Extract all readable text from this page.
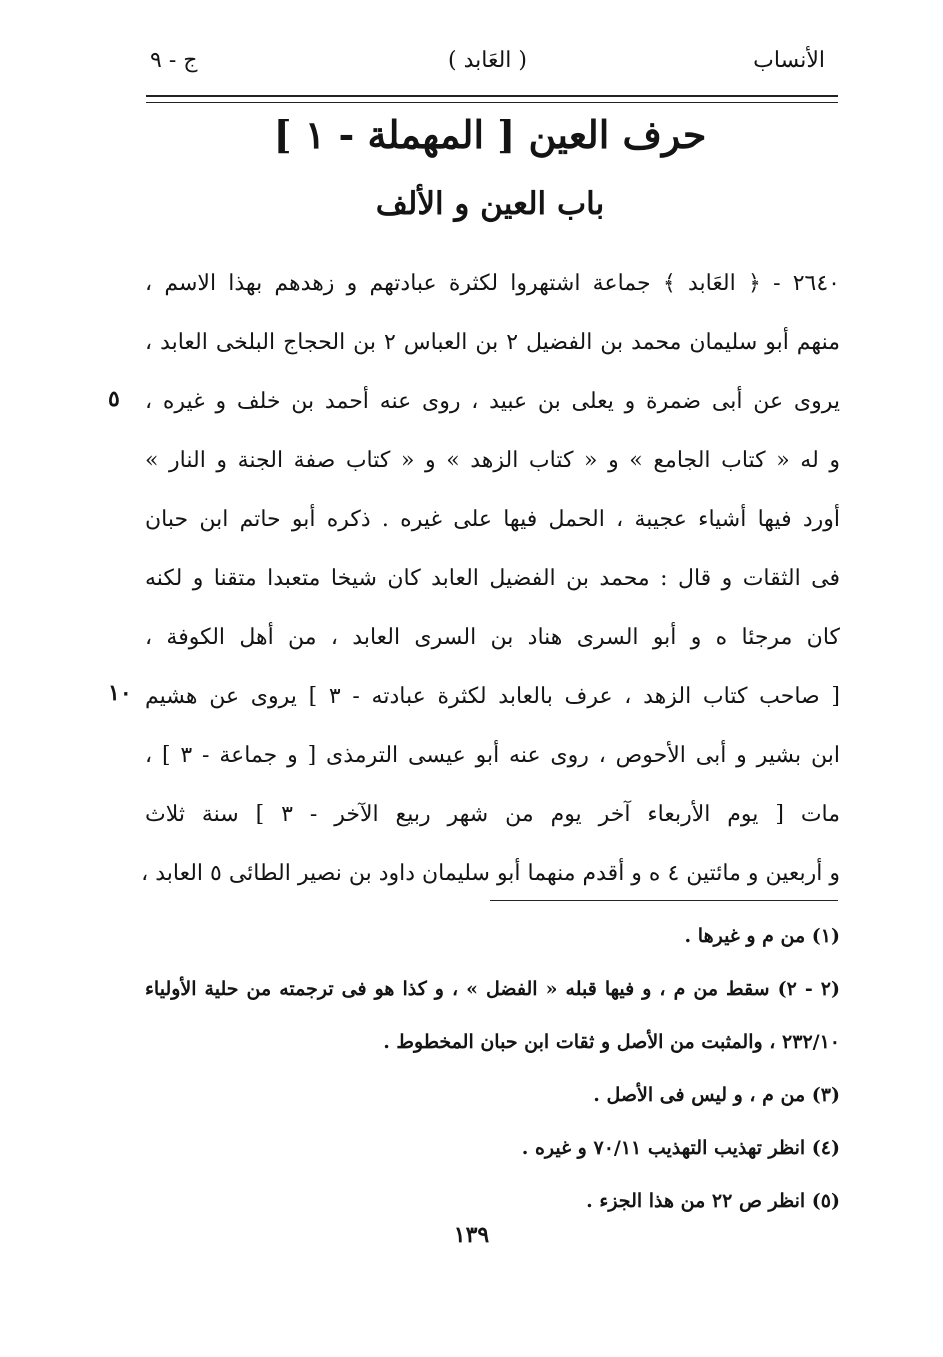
الأنساب
( العَابد )
ج - ٩
حرف العين [ المهملة - ١ ]
باب العين و الألف
٢٦٤٠ - ﴿ العَابد ﴾ جماعة اشتهروا لكثرة عبادتهم و زهدهم بهذا الاسم ،
منهم أبو سليمان محمد بن الفضيل ٢ بن العباس ٢ بن الحجاج البلخى العابد ،
يروى عن أبى ضمرة و يعلى بن عبيد ، روى عنه أحمد بن خلف و غيره ،
و له « كتاب الجامع » و « كتاب الزهد » و « كتاب صفة الجنة و النار »
أورد فيها أشياء عجيبة ، الحمل فيها على غيره . ذكره أبو حاتم ابن حبان
فى الثقات و قال : محمد بن الفضيل العابد كان شيخا متعبدا متقنا و لكنه
كان مرجئا ه و أبو السرى هناد بن السرى العابد ، من أهل الكوفة ،
[ صاحب كتاب الزهد ، عرف بالعابد لكثرة عبادته - ٣ ] يروى عن هشيم
ابن بشير و أبى الأحوص ، روى عنه أبو عيسى الترمذى [ و جماعة - ٣ ] ،
مات [ يوم الأربعاء آخر يوم من شهر ربيع الآخر - ٣ ] سنة ثلاث
و أربعين و مائتين ٤ ه و أقدم منهما أبو سليمان داود بن نصير الطائى ٥ العابد ،
٥
١٠
(١) من م و غيرها .
(٢ - ٢) سقط من م ، و فيها قبله « الفضل » ، و كذا هو فى ترجمته من حلية الأولياء
٢٣٢/١٠ ، والمثبت من الأصل و ثقات ابن حبان المخطوط .
(٣) من م ، و ليس فى الأصل .
(٤) انظر تهذيب التهذيب ٧٠/١١ و غيره .
(٥) انظر ص ٢٢ من هذا الجزء .
١٣٩
